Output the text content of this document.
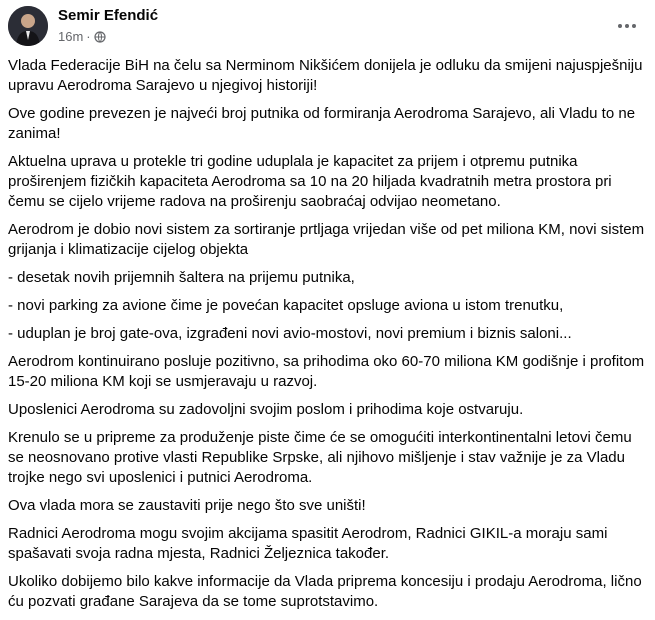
Semir Efendić
16m ·

Vlada Federacije BiH na čelu sa Nerminom Nikšićem donijela je odluku da smijeni najuspješniju upravu Aerodroma Sarajevo u njegivoj historiji!

Ove godine prevezen je najveći broj putnika od formiranja Aerodroma Sarajevo, ali Vladu to ne zanima!

Aktuelna uprava u protekle tri godine uduplala je kapacitet za prijem i otpremu putnika proširenjem fizičkih kapaciteta Aerodroma sa 10 na 20 hiljada kvadratnih metra prostora pri čemu se cijelo vrijeme radova na proširenju saobraćaj odvijao neometano.

Aerodrom je dobio novi sistem za sortiranje prtljaga vrijedan više od pet miliona KM, novi sistem grijanja i klimatizacije cijelog objekta

- desetak novih prijemnih šaltera na prijemu putnika,

- novi parking za avione čime je povećan kapacitet opsluge aviona u istom trenutku,

- uduplan je broj gate-ova, izgrađeni novi avio-mostovi, novi premium i biznis saloni...

Aerodrom kontinuirano posluje pozitivno, sa prihodima oko 60-70 miliona KM godišnje i profitom 15-20 miliona KM koji se usmjeravaju u razvoj.

Uposlenici Aerodroma su zadovoljni svojim poslom i prihodima koje ostvaruju.

Krenulo se u pripreme za produženje piste čime će se omogućiti interkontinentalni letovi čemu se neosnovano protive vlasti Republike Srpske, ali njihovo mišljenje i stav važnije je za Vladu trojke nego svi uposlenici i putnici Aerodroma.

Ova vlada mora se zaustaviti prije nego što sve uništi!

Radnici Aerodroma mogu svojim akcijama spasitit Aerodrom, Radnici GIKIL-a moraju sami spašavati svoja radna mjesta, Radnici Željeznica također.

Ukoliko dobijemo bilo kakve informacije da Vlada priprema koncesiju i prodaju Aerodroma, lično ću pozvati građane Sarajeva da se tome suprotstavimo.
